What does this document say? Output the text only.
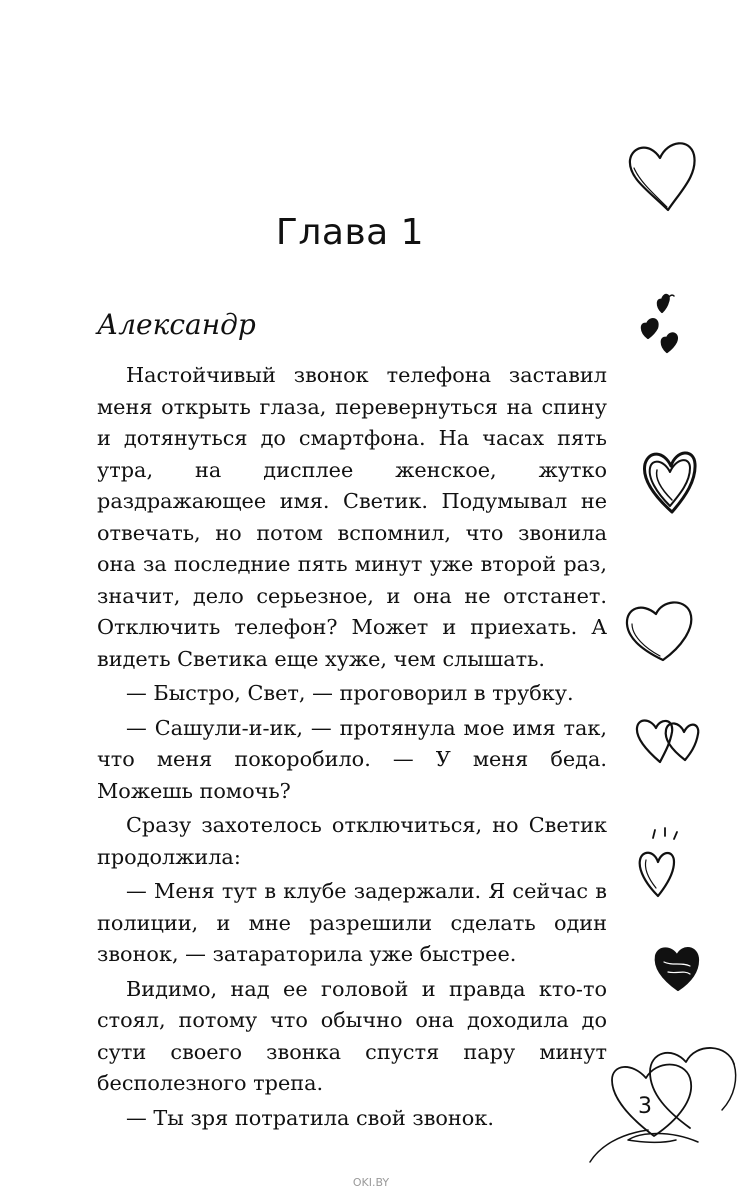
Глава 1
Александр

Настойчивый звонок телефона заставил меня открыть глаза, перевернуться на спину и дотянуться до смартфона. На часах пять утра, на дисплее женское, жутко раздражающее имя. Светик. Подумывал не отвечать, но потом вспомнил, что звонила она за последние пять минут уже второй раз, значит, дело серьезное, и она не отстанет. Отключить телефон? Может и приехать. А видеть Светика еще хуже, чем слышать.

— Быстро, Свет, — проговорил в трубку.

— Сашули-и-ик, — протянула мое имя так, что меня покоробило. — У меня беда. Можешь помочь?

Сразу захотелось отключиться, но Светик продолжила:

— Меня тут в клубе задержали. Я сейчас в полиции, и мне разрешили сделать один звонок, — затараторила уже быстрее.

Видимо, над ее головой и правда кто-то стоял, потому что обычно она доходила до сути своего звонка спустя пару минут бесполезного трепа.

— Ты зря потратила свой звонок.	3
OKI.BY
